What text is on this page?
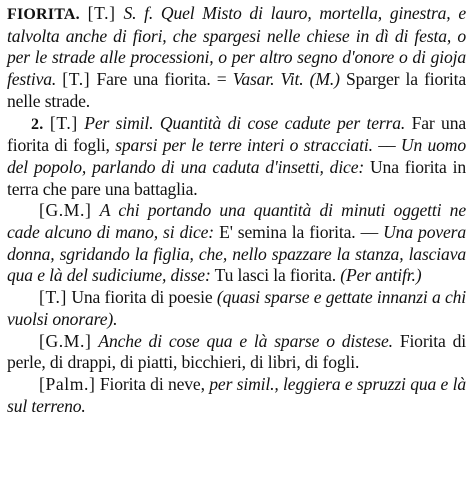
FIORITA. [T.] S. f. Quel Misto di lauro, mortella, ginestra, e talvolta anche di fiori, che spargesi nelle chiese in dì di festa, o per le strade alle processioni, o per altro segno d'onore o di gioja festiva. [T.] Fare una fiorita. = Vasar. Vit. (M.) Sparger la fiorita nelle strade.

2. [T.] Per simil. Quantità di cose cadute per terra. Far una fiorita di fogli, sparsi per le terre interi o stracciati. –– Un uomo del popolo, parlando di una caduta d'insetti, dice: Una fiorita in terra che pare una battaglia.

[G.M.] A chi portando una quantità di minuti oggetti ne cade alcuno di mano, si dice: E' semina la fiorita. — Una povera donna, sgridando la figlia, che, nello spazzare la stanza, lasciava qua e là del sudiciume, disse: Tu lasci la fiorita. (Per antifr.)

[T.] Una fiorita di poesie (quasi sparse e gettate innanzi a chi vuolsi onorare).

[G.M.] Anche di cose qua e là sparse o distese. Fiorita di perle, di drappi, di piatti, bicchieri, di libri, di fogli.

[Palm.] Fiorita di neve, per simil., leggiera e spruzzi qua e là sul terreno.
